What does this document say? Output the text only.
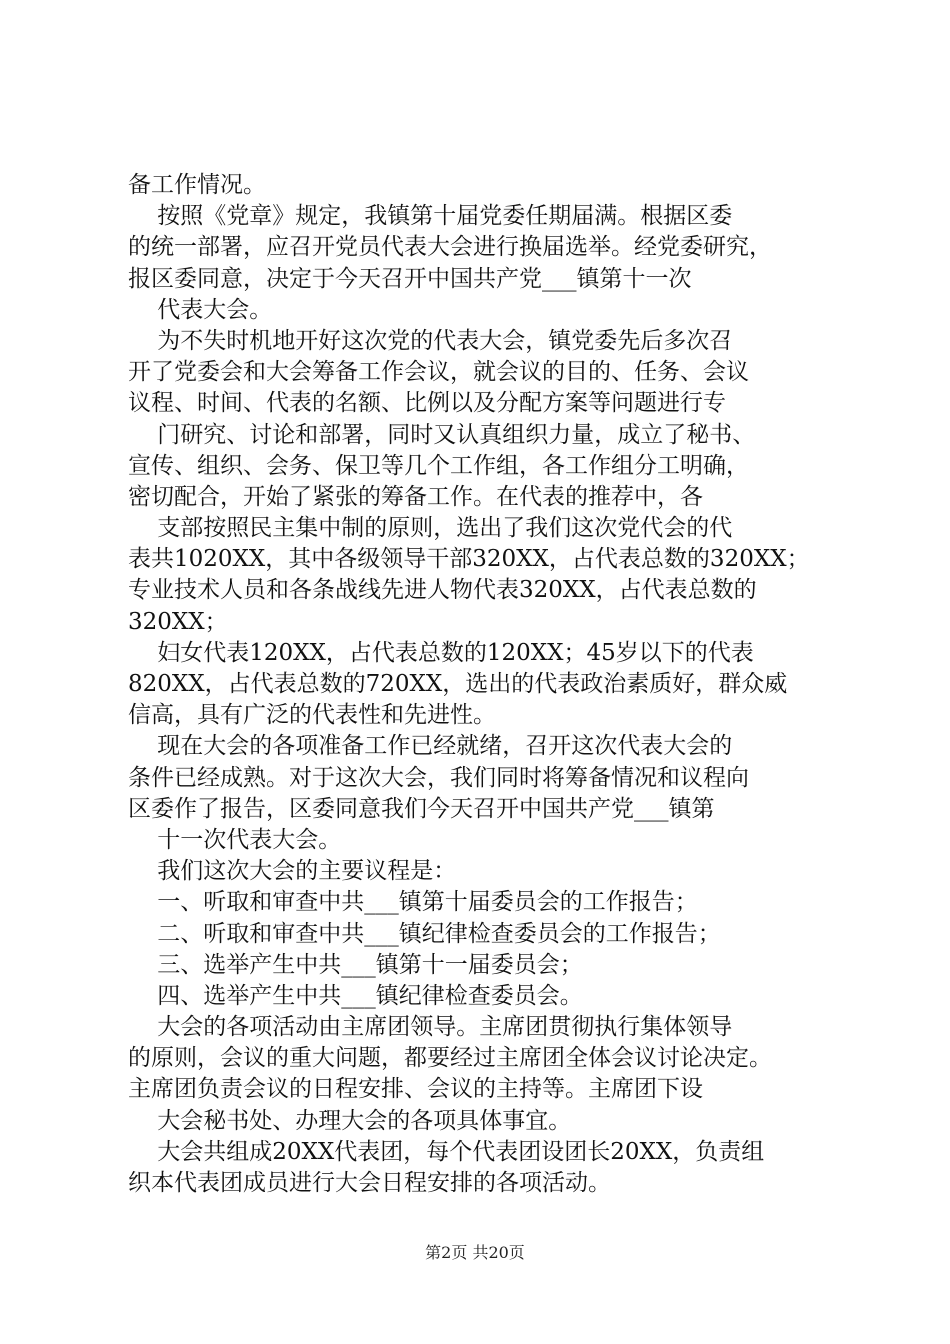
备工作情况。
按照《党章》规定，我镇第十届党委任期届满。根据区委
的统一部署，应召开党员代表大会进行换届选举。经党委研究，
报区委同意，决定于今天召开中国共产党___镇第十一次
代表大会。
为不失时机地开好这次党的代表大会，镇党委先后多次召
开了党委会和大会筹备工作会议，就会议的目的、任务、会议
议程、时间、代表的名额、比例以及分配方案等问题进行专
门研究、讨论和部署，同时又认真组织力量，成立了秘书、
宣传、组织、会务、保卫等几个工作组，各工作组分工明确，
密切配合，开始了紧张的筹备工作。在代表的推荐中，各
支部按照民主集中制的原则，选出了我们这次党代会的代
表共1020XX，其中各级领导干部320XX，占代表总数的320XX；
专业技术人员和各条战线先进人物代表320XX，占代表总数的
320XX；
妇女代表120XX，占代表总数的120XX；45岁以下的代表
820XX，占代表总数的720XX，选出的代表政治素质好，群众威
信高，具有广泛的代表性和先进性。
现在大会的各项准备工作已经就绪，召开这次代表大会的
条件已经成熟。对于这次大会，我们同时将筹备情况和议程向
区委作了报告，区委同意我们今天召开中国共产党___镇第
十一次代表大会。
我们这次大会的主要议程是：
一、听取和审查中共___镇第十届委员会的工作报告；
二、听取和审查中共___镇纪律检查委员会的工作报告；
三、选举产生中共___镇第十一届委员会；
四、选举产生中共___镇纪律检查委员会。
大会的各项活动由主席团领导。主席团贯彻执行集体领导
的原则，会议的重大问题，都要经过主席团全体会议讨论决定。
主席团负责会议的日程安排、会议的主持等。主席团下设
大会秘书处、办理大会的各项具体事宜。
大会共组成20XX代表团，每个代表团设团长20XX，负责组
织本代表团成员进行大会日程安排的各项活动。
第2页 共20页
